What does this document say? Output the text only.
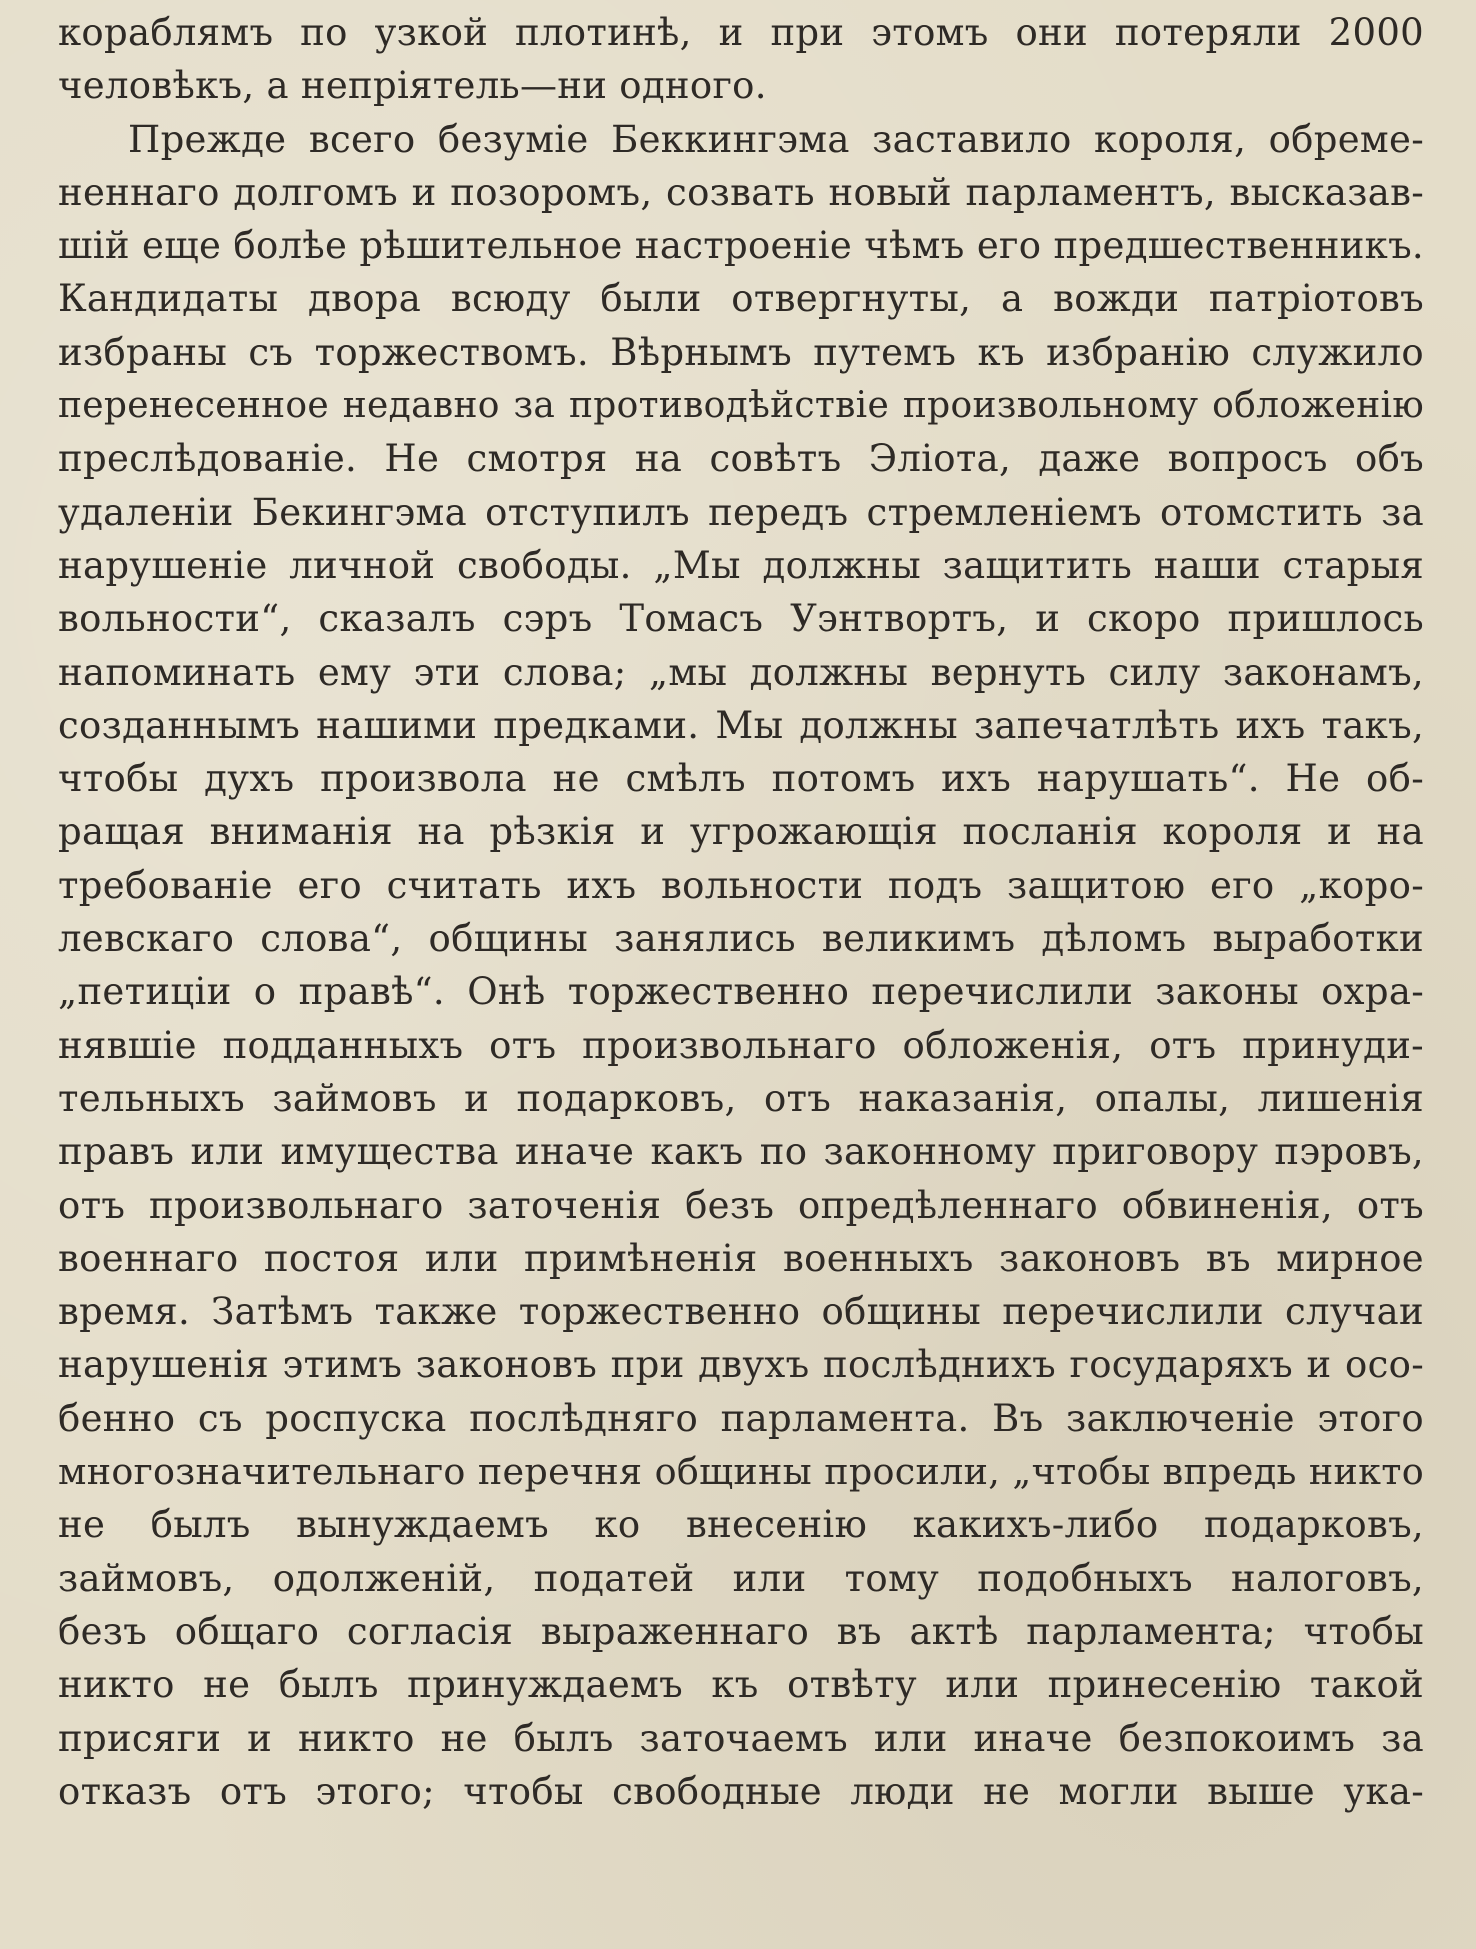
кораблямъ по узкой плотинѣ, и при этомъ они потеряли 2000
человѣкъ, а непріятель—ни одного.
Прежде всего безуміе Беккингэма заставило короля, обреме-
неннаго долгомъ и позоромъ, созвать новый парламентъ, высказав-
шій еще болѣе рѣшительное настроеніе чѣмъ его предшественникъ.
Кандидаты двора всюду были отвергнуты, а вожди патріотовъ
избраны съ торжествомъ. Вѣрнымъ путемъ къ избранію служило
перенесенное недавно за противодѣйствіе произвольному обложенію
преслѣдованіе. Не смотря на совѣтъ Эліота, даже вопросъ объ
удаленіи Бекингэма отступилъ передъ стремленіемъ отомстить за
нарушеніе личной свободы. „Мы должны защитить наши старыя
вольности“, сказалъ сэръ Томасъ Уэнтвортъ, и скоро пришлось
напоминать ему эти слова; „мы должны вернуть силу законамъ,
созданнымъ нашими предками. Мы должны запечатлѣть ихъ такъ,
чтобы духъ произвола не смѣлъ потомъ ихъ нарушать“. Не об-
ращая вниманія на рѣзкія и угрожающія посланія короля и на
требованіе его считать ихъ вольности подъ защитою его „коро-
левскаго слова“, общины занялись великимъ дѣломъ выработки
„петиціи о правѣ“. Онѣ торжественно перечислили законы охра-
нявшіе подданныхъ отъ произвольнаго обложенія, отъ принуди-
тельныхъ займовъ и подарковъ, отъ наказанія, опалы, лишенія
правъ или имущества иначе какъ по законному приговору пэровъ,
отъ произвольнаго заточенія безъ опредѣленнаго обвиненія, отъ
военнаго постоя или примѣненія военныхъ законовъ въ мирное
время. Затѣмъ также торжественно общины перечислили случаи
нарушенія этимъ законовъ при двухъ послѣднихъ государяхъ и осо-
бенно съ роспуска послѣдняго парламента. Въ заключеніе этого
многозначительнаго перечня общины просили, „чтобы впредь никто
не былъ вынуждаемъ ко внесенію какихъ-либо подарковъ,
займовъ, одолженій, податей или тому подобныхъ налоговъ,
безъ общаго согласія выраженнаго въ актѣ парламента; чтобы
никто не былъ принуждаемъ къ отвѣту или принесенію такой
присяги и никто не былъ заточаемъ или иначе безпокоимъ за
отказъ отъ этого; чтобы свободные люди не могли выше ука-
